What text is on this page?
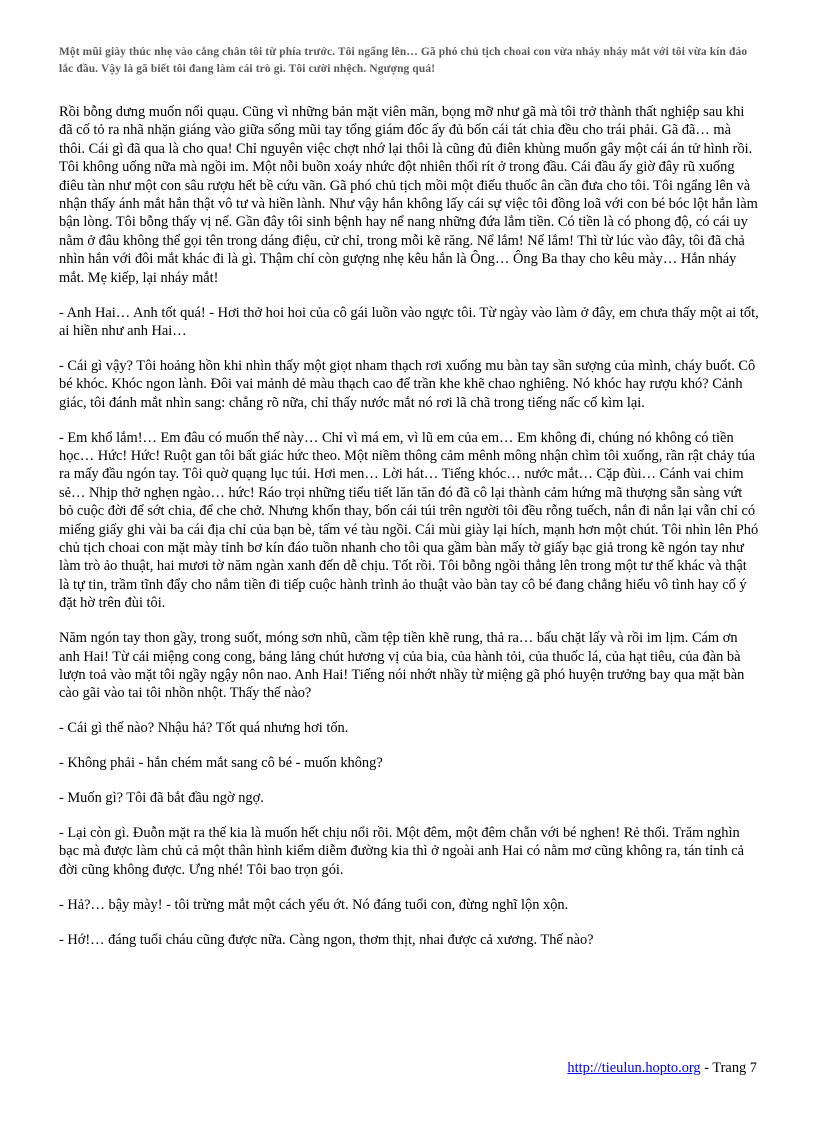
Một mũi giày thúc nhẹ vào cẳng chân tôi từ phía trước. Tôi ngẩng lên… Gã phó chủ tịch choai con vừa nháy nháy mắt với tôi vừa kín đáo lắc đầu. Vậy là gã biết tôi đang làm cái trò gì. Tôi cười nhệch. Ngượng quá!

Rồi bỗng dưng muốn nổi quạu. Cũng vì những bản mặt viên mãn, bọng mỡ như gã mà tôi trở thành thất nghiệp sau khi đã cố tỏ ra nhã nhặn giáng vào giữa sống mũi tay tổng giám đốc ấy đủ bốn cái tát chia đều cho trái phải. Gã đã… mà thôi. Cái gì đã qua là cho qua! Chỉ nguyên việc chợt nhớ lại thôi là cũng đủ điên khùng muốn gây một cái án tử hình rồi. Tôi không uống nữa mà ngồi im. Một nỗi buồn xoáy nhức đột nhiên thối rít ở trong đầu. Cái đầu ấy giờ đây rũ xuống điêu tàn như một con sâu rượu hết bề cứu vãn. Gã phó chủ tịch mồi một điếu thuốc ân cần đưa cho tôi. Tôi ngẩng lên và nhận thấy ánh mắt hắn thật vô tư và hiền lành. Như vậy hắn không lấy cái sự việc tôi đồng loã với con bé bóc lột hắn làm bận lòng. Tôi bỗng thấy vị nể. Gần đây tôi sinh bệnh hay nể nang những đứa lắm tiền. Có tiền là có phong độ, có cái uy nằm ở đâu không thể gọi tên trong dáng điệu, cử chỉ, trong mỗi kẽ răng. Nể lắm! Nể lắm! Thì từ lúc vào đây, tôi đã chả nhìn hắn với đôi mắt khác đi là gì. Thậm chí còn gượng nhẹ kêu hắn là Ông… Ông Ba thay cho kêu mày… Hắn nháy mắt. Mẹ kiếp, lại nháy mắt!

- Anh Hai… Anh tốt quá! - Hơi thở hoi hoi của cô gái luồn vào ngực tôi. Từ ngày vào làm ở đây, em chưa thấy một ai tốt, ai hiền như anh Hai…

- Cái gì vậy? Tôi hoảng hồn khi nhìn thấy một giọt nham thạch rơi xuống mu bàn tay sần sượng của mình, cháy buốt. Cô bé khóc. Khóc ngon lành. Đôi vai mảnh dẻ màu thạch cao để trần khe khẽ chao nghiêng. Nó khóc hay rượu khó? Cảnh giác, tôi đánh mắt nhìn sang: chẳng rõ nữa, chỉ thấy nước mắt nó rơi lã chã trong tiếng nấc cố kìm lại.

- Em khổ lắm!… Em đâu có muốn thế này… Chỉ vì má em, vì lũ em của em… Em không đi, chúng nó không có tiền học… Hức! Hức! Ruột gan tôi bất giác hức theo. Một niềm thông cảm mênh mông nhận chìm tôi xuống, rần rật chảy túa ra mấy đầu ngón tay. Tôi quờ quạng lục túi. Hơi men… Lời hát… Tiếng khóc… nước mắt… Cặp đùi… Cánh vai chim sẻ… Nhịp thở nghẹn ngào… hức! Ráo trọi những tiểu tiết lăn tăn đó đã cô lại thành cảm hứng mã thượng sẵn sàng vứt bỏ cuộc đời để sớt chia, để che chở. Nhưng khốn thay, bốn cái túi trên người tôi đều rỗng tuếch, nắn đi nắn lại vẫn chỉ có miếng giấy ghi vài ba cái địa chỉ của bạn bè, tấm vé tàu ngồi. Cái mùi giày lại hích, mạnh hơn một chút. Tôi nhìn lên Phó chủ tịch choai con mặt mày tỉnh bơ kín đáo tuồn nhanh cho tôi qua gầm bàn mấy tờ giấy bạc giả trong kẽ ngón tay như làm trò ảo thuật, hai mươi tờ năm ngàn xanh đến dễ chịu. Tốt rồi. Tôi bỗng ngồi thẳng lên trong một tư thế khác và thật là tự tin, trầm tĩnh đẩy cho nắm tiền đi tiếp cuộc hành trình ảo thuật vào bàn tay cô bé đang chẳng hiểu vô tình hay cố ý đặt hờ trên đùi tôi.

Năm ngón tay thon gầy, trong suốt, móng sơn nhũ, cầm tệp tiền khẽ rung, thả ra… bấu chặt lấy và rồi im lịm. Cám ơn anh Hai! Từ cái miệng cong cong, bảng lảng chút hương vị của bia, của hành tỏi, của thuốc lá, của hạt tiêu, của đàn bà lượn toả vào mặt tôi ngầy ngậy nôn nao. Anh Hai! Tiếng nói nhớt nhầy từ miệng gã phó huyện trưởng bay qua mặt bàn cào gãi vào tai tôi nhồn nhột. Thấy thế nào?

- Cái gì thế nào? Nhậu hả? Tốt quá nhưng hơi tốn.

- Không phải - hắn chém mắt sang cô bé - muốn không?

- Muốn gì? Tôi đã bắt đầu ngờ ngợ.

- Lại còn gì. Đuỗn mặt ra thế kia là muốn hết chịu nổi rồi. Một đêm, một đêm chẵn với bé nghen! Rẻ thối. Trăm nghìn bạc mà được làm chủ cả một thân hình kiểm diễm đường kia thì ở ngoài anh Hai có nằm mơ cũng không ra, tán tỉnh cả đời cũng không được. Ưng nhé! Tôi bao trọn gói.

- Hả?… bậy mày! - tôi trừng mắt một cách yếu ớt. Nó đáng tuổi con, đừng nghĩ lộn xộn.

- Hớ!… đáng tuổi cháu cũng được nữa. Càng ngon, thơm thịt, nhai được cả xương. Thế nào?

http://tieulun.hopto.org - Trang 7
